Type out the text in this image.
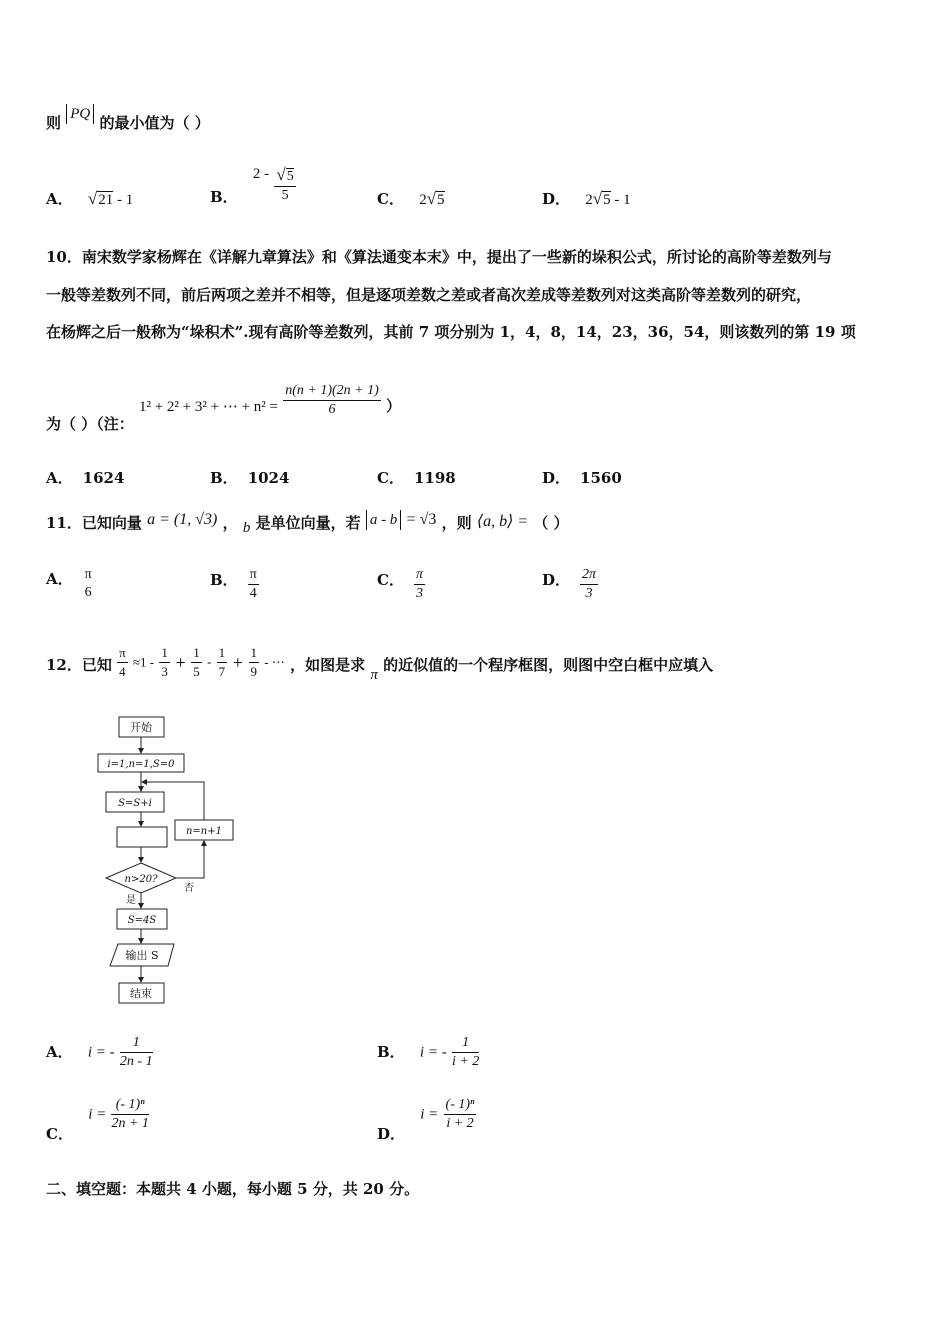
则 PQ 的最小值为（ ）
A． √21 - 1	B． $2 - \frac{√5}{5}$	C． 2√5	D． 2√5 - 1
10．南宋数学家杨辉在《详解九章算法》和《算法通变本末》中，提出了一些新的垛积公式，所讨论的高阶等差数列与
一般等差数列不同，前后两项之差并不相等，但是逐项差数之差或者高次差成等差数列对这类高阶等差数列的研究，
在杨辉之后一般称为“垛积术”.现有高阶等差数列，其前 7 项分别为 1，4，8，14，23，36，54，则该数列的第 19 项
为（ ）（注： 1² + 2² + 3² + ⋯ + $n^2 = \frac{n(n + 1)(2n + 1)}{6}$ ）
A． 1624	B． 1024	C． 1198	D． 1560
11．已知向量 a = (1, √3) ， b 是单位向量，若 a - b = √3 ，则 ⟨a, b⟩ = （ ）
A． π
6
B． $\frac{\pi}{4}$	C． $\frac{\pi}{3}$	D． $\frac{2\pi}{3}$
12．已知 $\frac{\pi}{4} \approx 1 - \frac{1}{3} + \frac{1}{5} - \frac{1}{7} + \frac{1}{9}$ - ⋯ ，如图是求 π 的近似值的一个程序框图，则图中空白框中应填入
开始
i=1,n=1,S=0
S=S+i
n=n+1
n>20?
否
是
S=4S
输出 S
结束
A． i = - $\frac{1}{2n - 1}$	B． i = - $\frac{1}{i + 2}$
C． $i = \frac{\text{(- 1)ⁿ}}{2n + 1}$
D． $i = \frac{\text{(- 1)ⁿ}}{i + 2}$
二、填空题：本题共 4 小题，每小题 5 分，共 20 分。
